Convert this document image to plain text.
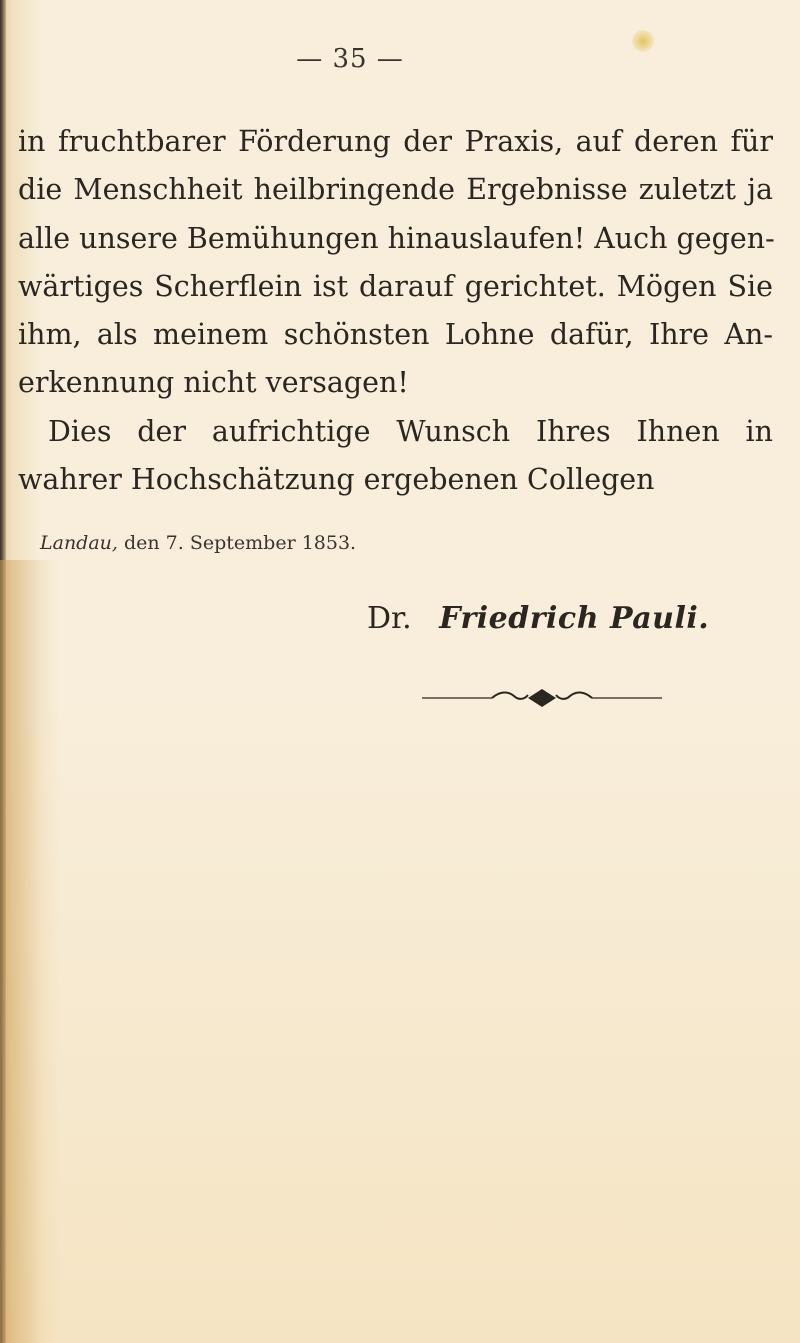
— 35 —
in fruchtbarer Förderung der Praxis, auf deren für
die Menschheit heilbringende Ergebnisse zuletzt ja
alle unsere Bemühungen hinauslaufen! Auch gegen-
wärtiges Scherflein ist darauf gerichtet. Mögen Sie
ihm, als meinem schönsten Lohne dafür, Ihre An-
erkennung nicht versagen!
Dies der aufrichtige Wunsch Ihres Ihnen in
wahrer Hochschätzung ergebenen Collegen
Landau, den 7. September 1853.
Dr. Friedrich Pauli.
